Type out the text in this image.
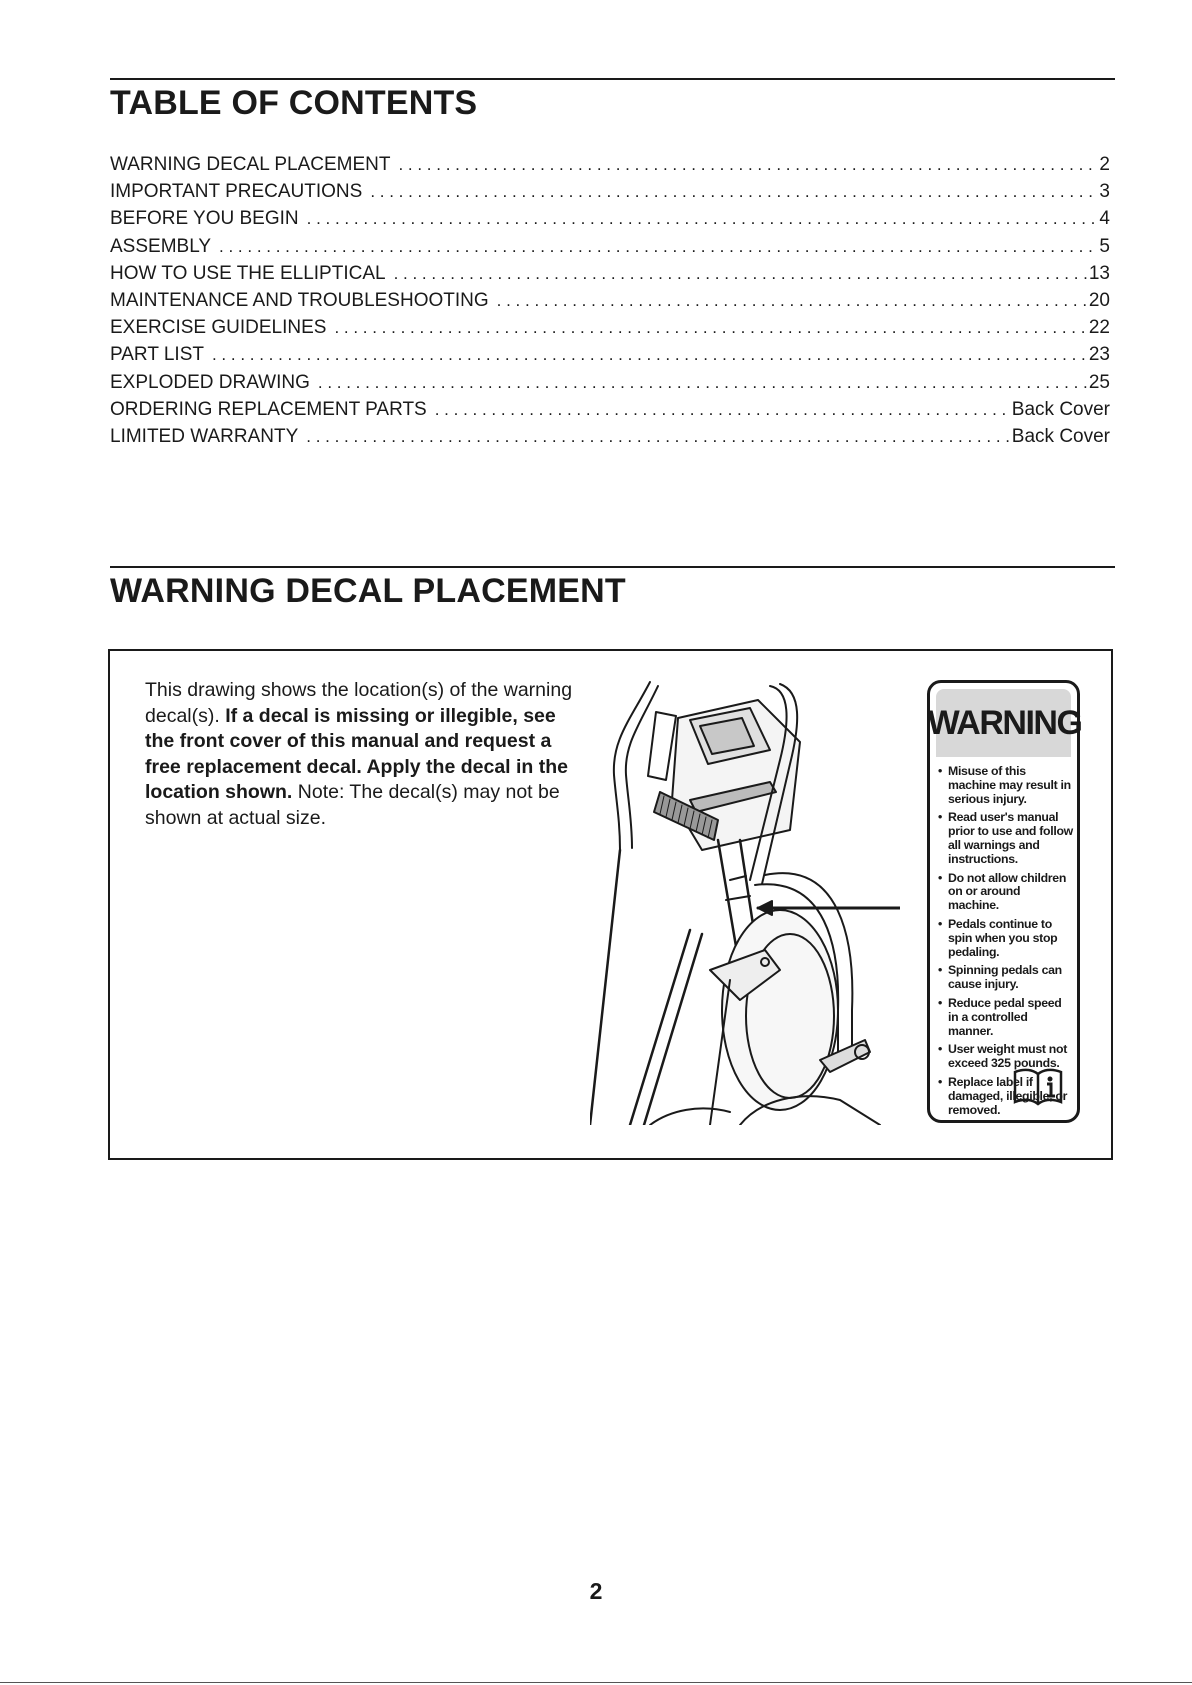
TABLE OF CONTENTS
WARNING DECAL PLACEMENT . . .	2
IMPORTANT PRECAUTIONS . . .	3
BEFORE YOU BEGIN . . .	4
ASSEMBLY . . .	5
HOW TO USE THE ELLIPTICAL . . .	13
MAINTENANCE AND TROUBLESHOOTING . . .	20
EXERCISE GUIDELINES . . .	22
PART LIST . . .	23
EXPLODED DRAWING . . .	25
ORDERING REPLACEMENT PARTS . . .	Back Cover
LIMITED WARRANTY . . .	Back Cover
WARNING DECAL PLACEMENT

This drawing shows the location(s) of the warning decal(s). If a decal is missing or illegible, see the front cover of this manual and request a free replacement decal. Apply the decal in the location shown. Note: The decal(s) may not be shown at actual size.

WARNING
• Misuse of this machine may result in serious injury.
• Read user's manual prior to use and follow all warnings and instructions.
• Do not allow children on or around machine.
• Pedals continue to spin when you stop pedaling.
• Spinning pedals can cause injury.
• Reduce pedal speed in a controlled manner.
• User weight must not exceed 325 pounds.
• Replace label if damaged, illegible, or removed.

2
